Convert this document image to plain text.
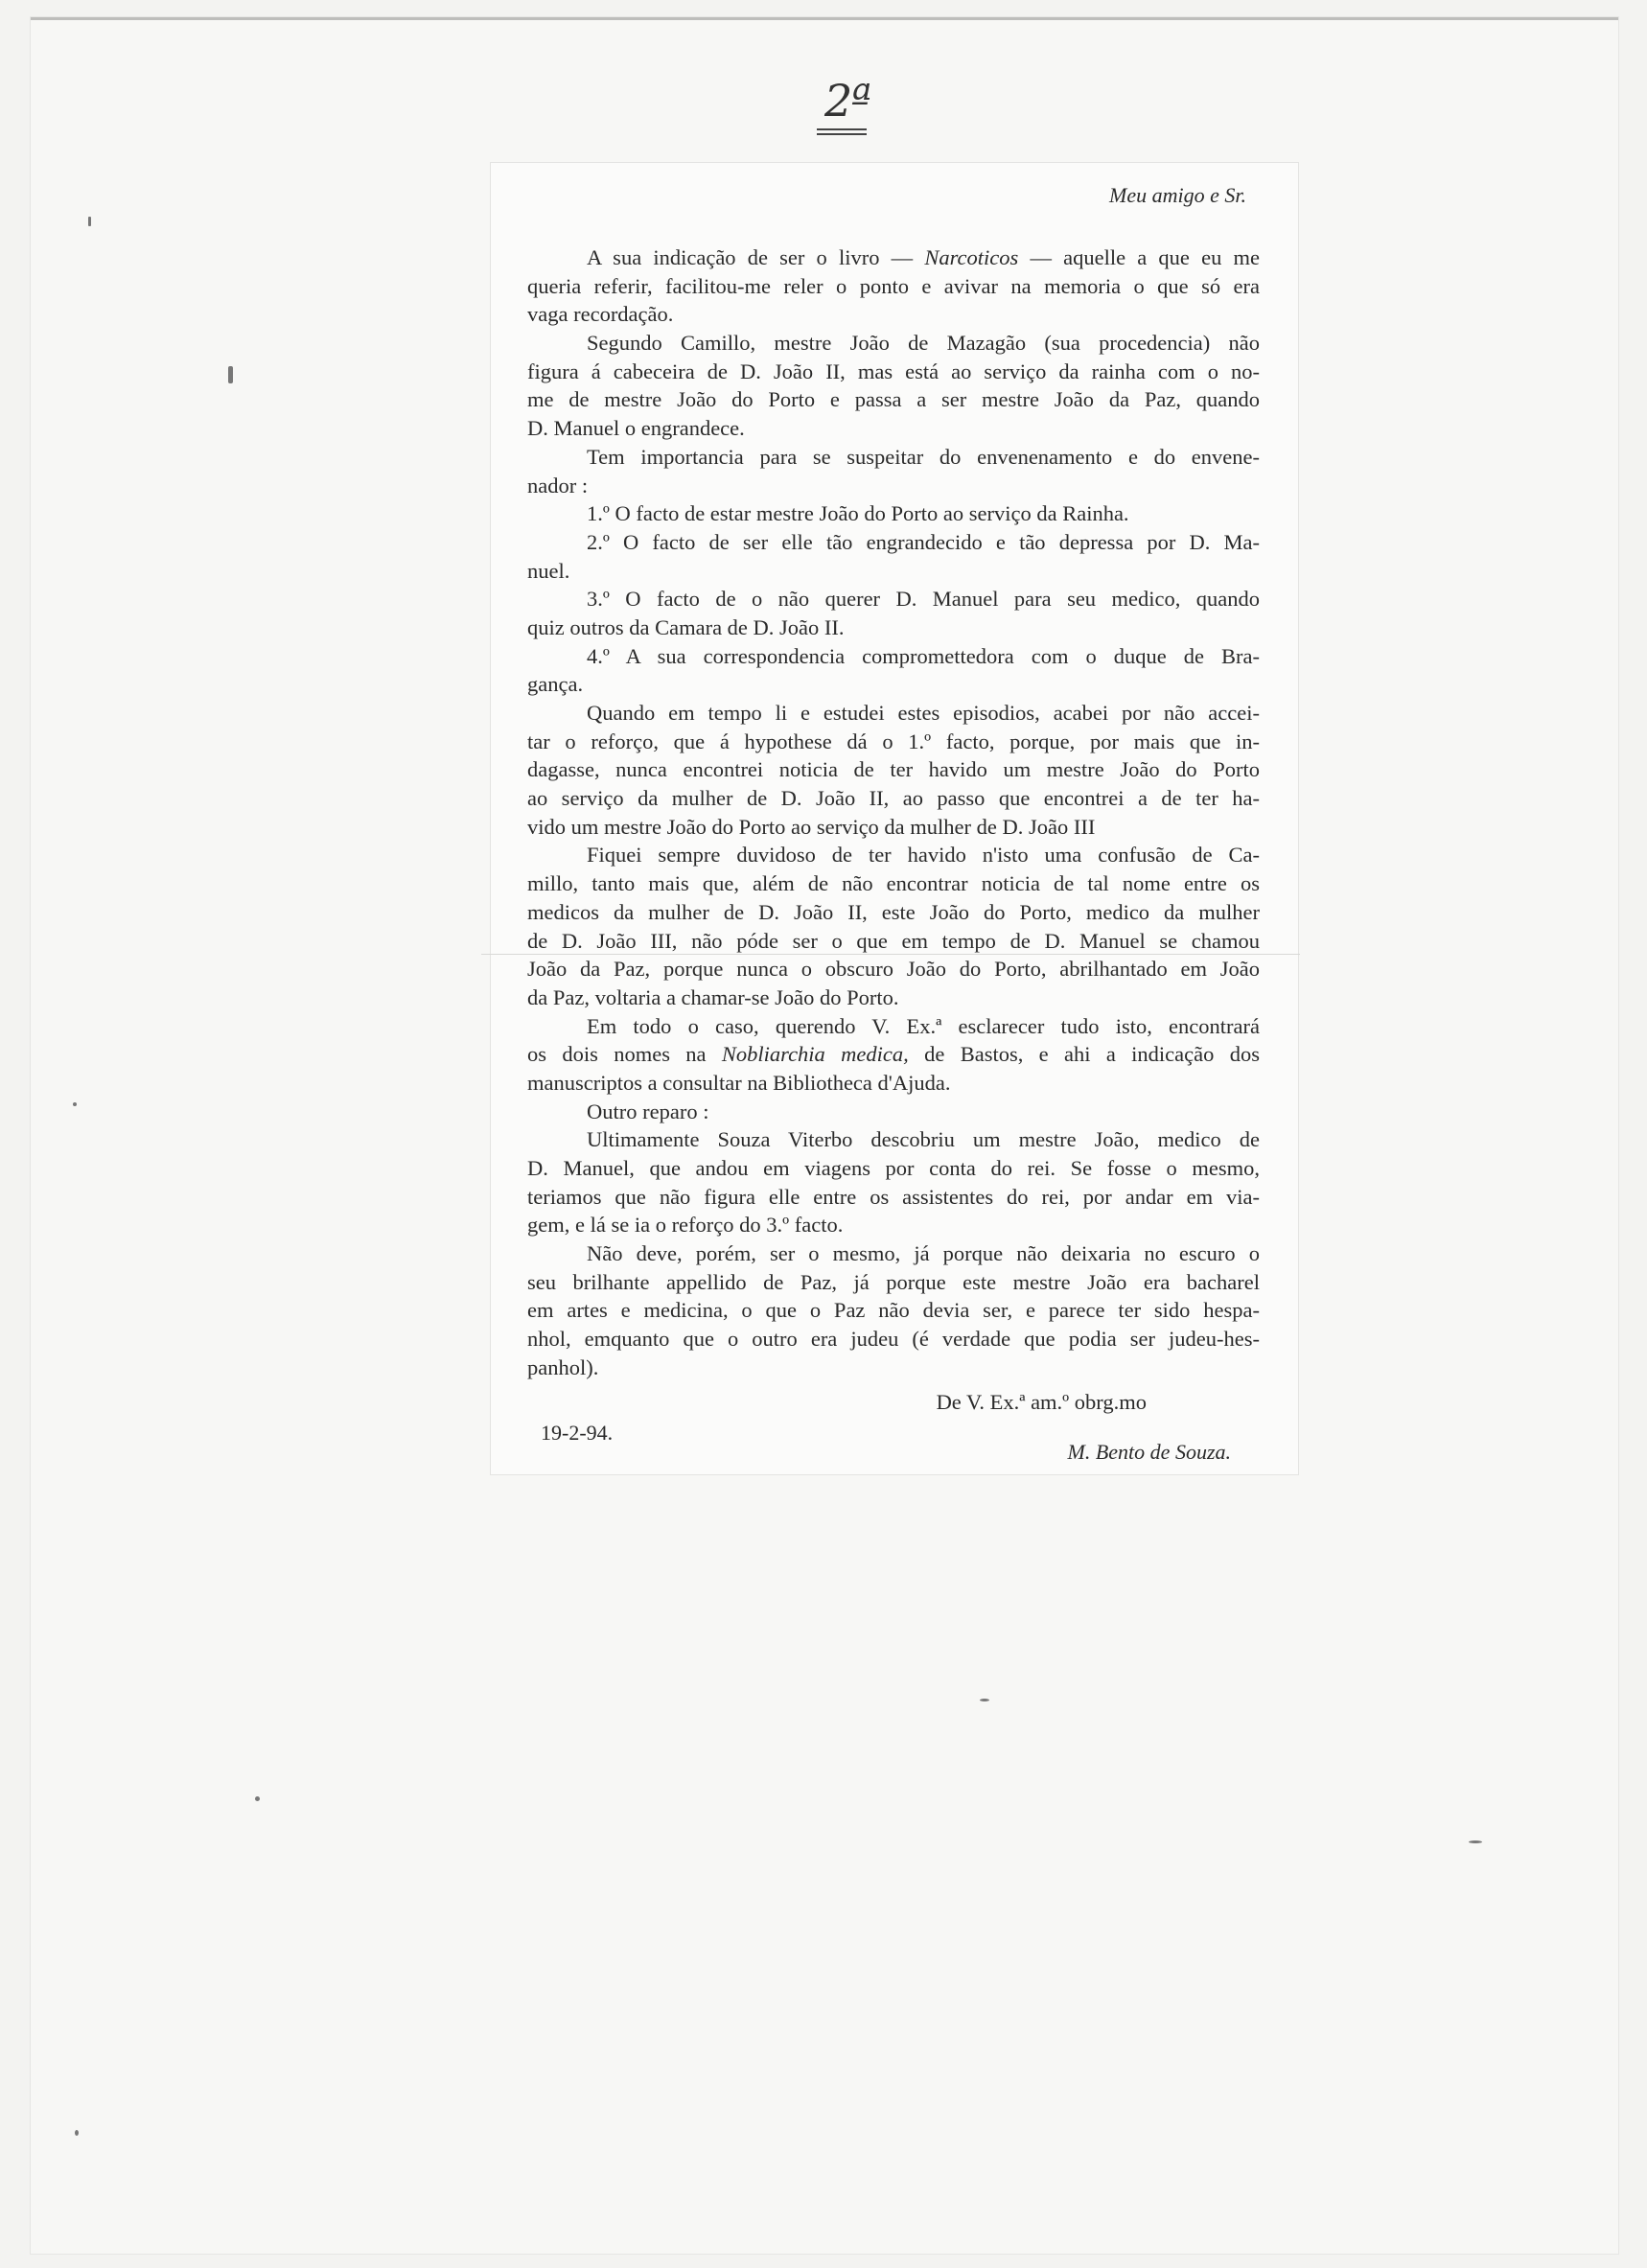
2ª
Meu amigo e Sr.
A sua indicação de ser o livro — Narcoticos — aquelle a que eu me
queria referir, facilitou-me reler o ponto e avivar na memoria o que só era
vaga recordação.
Segundo Camillo, mestre João de Mazagão (sua procedencia) não
figura á cabeceira de D. João II, mas está ao serviço da rainha com o no-
me de mestre João do Porto e passa a ser mestre João da Paz, quando
D. Manuel o engrandece.
Tem importancia para se suspeitar do envenenamento e do envene-
nador :
1.º O facto de estar mestre João do Porto ao serviço da Rainha.
2.º O facto de ser elle tão engrandecido e tão depressa por D. Ma-
nuel.
3.º O facto de o não querer D. Manuel para seu medico, quando
quiz outros da Camara de D. João II.
4.º A sua correspondencia compromettedora com o duque de Bra-
gança.
Quando em tempo li e estudei estes episodios, acabei por não accei-
tar o reforço, que á hypothese dá o 1.º facto, porque, por mais que in-
dagasse, nunca encontrei noticia de ter havido um mestre João do Porto
ao serviço da mulher de D. João II, ao passo que encontrei a de ter ha-
vido um mestre João do Porto ao serviço da mulher de D. João III
Fiquei sempre duvidoso de ter havido n'isto uma confusão de Ca-
millo, tanto mais que, além de não encontrar noticia de tal nome entre os
medicos da mulher de D. João II, este João do Porto, medico da mulher
de D. João III, não póde ser o que em tempo de D. Manuel se chamou
João da Paz, porque nunca o obscuro João do Porto, abrilhantado em João
da Paz, voltaria a chamar-se João do Porto.
Em todo o caso, querendo V. Ex.ª esclarecer tudo isto, encontrará
os dois nomes na Nobliarchia medica, de Bastos, e ahi a indicação dos
manuscriptos a consultar na Bibliotheca d'Ajuda.
Outro reparo :
Ultimamente Souza Viterbo descobriu um mestre João, medico de
D. Manuel, que andou em viagens por conta do rei. Se fosse o mesmo,
teriamos que não figura elle entre os assistentes do rei, por andar em via-
gem, e lá se ia o reforço do 3.º facto.
Não deve, porém, ser o mesmo, já porque não deixaria no escuro o
seu brilhante appellido de Paz, já porque este mestre João era bacharel
em artes e medicina, o que o Paz não devia ser, e parece ter sido hespa-
nhol, emquanto que o outro era judeu (é verdade que podia ser judeu-hes-
panhol).
De V. Ex.ª am.º obrg.mo
19-2-94.
M. Bento de Souza.
